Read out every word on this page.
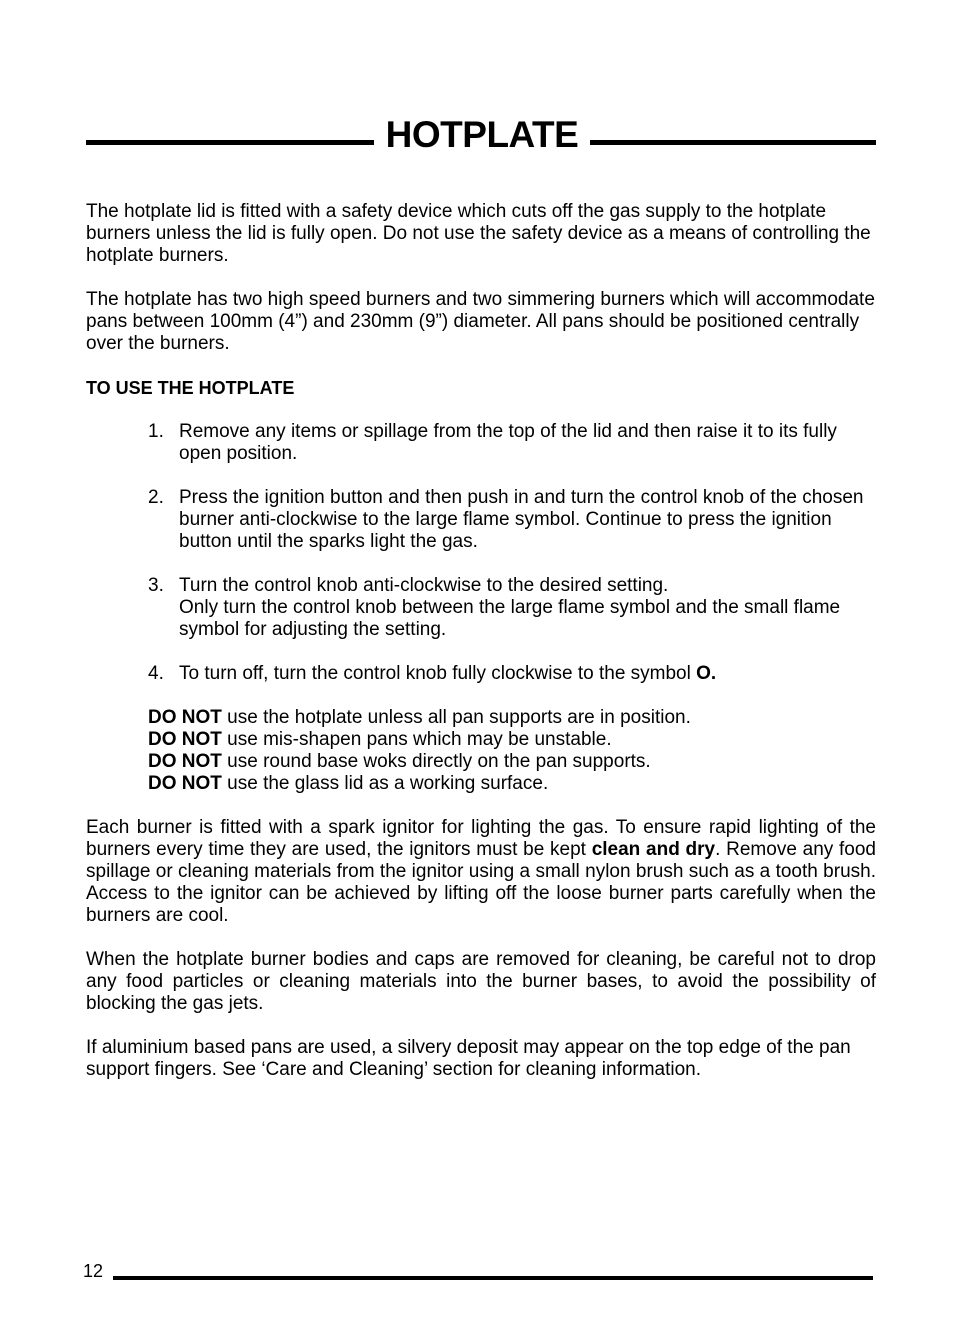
HOTPLATE

The hotplate lid is fitted with a safety device which cuts off the gas supply to the hotplate burners unless the lid is fully open. Do not use the safety device as a means of controlling the hotplate burners.

The hotplate has two high speed burners and two simmering burners which will accommodate pans between 100mm (4”) and 230mm (9”) diameter. All pans should be positioned centrally over the burners.

TO USE THE HOTPLATE

1. Remove any items or spillage from the top of the lid and then raise it to its fully open position.
2. Press the ignition button and then push in and turn the control knob of the chosen burner anti-clockwise to the large flame symbol. Continue to press the ignition button until the sparks light the gas.
3. Turn the control knob anti-clockwise to the desired setting.
Only turn the control knob between the large flame symbol and the small flame symbol for adjusting the setting.
4. To turn off, turn the control knob fully clockwise to the symbol O.
DO NOT use the hotplate unless all pan supports are in position.
DO NOT use mis-shapen pans which may be unstable.
DO NOT use round base woks directly on the pan supports.
DO NOT use the glass lid as a working surface.

Each burner is fitted with a spark ignitor for lighting the gas. To ensure rapid lighting of the burners every time they are used, the ignitors must be kept clean and dry. Remove any food spillage or cleaning materials from the ignitor using a small nylon brush such as a tooth brush. Access to the ignitor can be achieved by lifting off the loose burner parts carefully when the burners are cool.

When the hotplate burner bodies and caps are removed for cleaning, be careful not to drop any food particles or cleaning materials into the burner bases, to avoid the possibility of blocking the gas jets.

If aluminium based pans are used, a silvery deposit may appear on the top edge of the pan support fingers. See ‘Care and Cleaning’ section for cleaning information.

12
